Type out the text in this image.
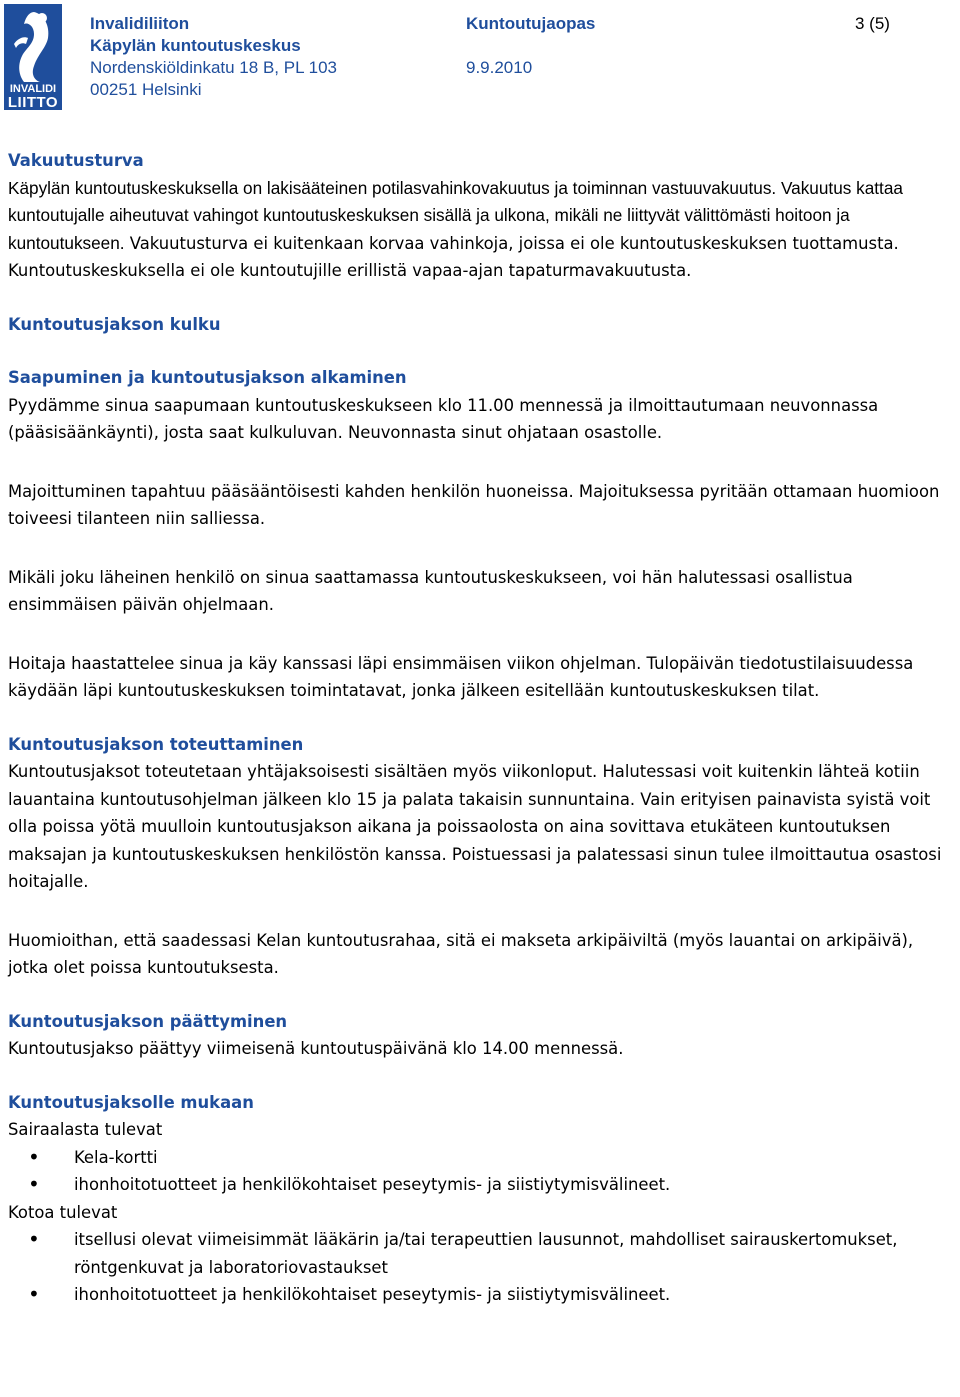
INVALIDI
LIITTO
Invalidiliiton
Käpylän kuntoutuskeskus
Nordenskiöldinkatu 18 B, PL 103
00251 Helsinki
Kuntoutujaopas
9.9.2010
3 (5)

Vakuutusturva

Käpylän kuntoutuskeskuksella on lakisääteinen potilasvahinkovakuutus ja toiminnan vastuuvakuutus. Vakuutus kattaa kuntoutujalle aiheutuvat vahingot kuntoutuskeskuksen sisällä ja ulkona, mikäli ne liittyvät välittömästi hoitoon ja kuntoutukseen. Vakuutusturva ei kuitenkaan korvaa vahinkoja, joissa ei ole kuntoutuskeskuksen tuottamusta. Kuntoutuskeskuksella ei ole kuntoutujille erillistä vapaa-ajan tapaturmavakuutusta.

Kuntoutusjakson kulku

Saapuminen ja kuntoutusjakson alkaminen

Pyydämme sinua saapumaan kuntoutuskeskukseen klo 11.00 mennessä ja ilmoittautumaan neuvonnassa (pääsisäänkäynti), josta saat kulkuluvan. Neuvonnasta sinut ohjataan osastolle.

Majoittuminen tapahtuu pääsääntöisesti kahden henkilön huoneissa. Majoituksessa pyritään ottamaan huomioon toiveesi tilanteen niin salliessa.

Mikäli joku läheinen henkilö on sinua saattamassa kuntoutuskeskukseen, voi hän halutessasi osallistua ensimmäisen päivän ohjelmaan.

Hoitaja haastattelee sinua ja käy kanssasi läpi ensimmäisen viikon ohjelman. Tulopäivän tiedotustilaisuudessa käydään läpi kuntoutuskeskuksen toimintatavat, jonka jälkeen esitellään kuntoutuskeskuksen tilat.

Kuntoutusjakson toteuttaminen

Kuntoutusjaksot toteutetaan yhtäjaksoisesti sisältäen myös viikonloput. Halutessasi voit kuitenkin lähteä kotiin lauantaina kuntoutusohjelman jälkeen klo 15 ja palata takaisin sunnuntaina. Vain erityisen painavista syistä voit olla poissa yötä muulloin kuntoutusjakson aikana ja poissaolosta on aina sovittava etukäteen kuntoutuksen maksajan ja kuntoutuskeskuksen henkilöstön kanssa. Poistuessasi ja palatessasi sinun tulee ilmoittautua osastosi hoitajalle.

Huomioithan, että saadessasi Kelan kuntoutusrahaa, sitä ei makseta arkipäiviltä (myös lauantai on arkipäivä), jotka olet poissa kuntoutuksesta.

Kuntoutusjakson päättyminen

Kuntoutusjakso päättyy viimeisenä kuntoutuspäivänä klo 14.00 mennessä.

Kuntoutusjaksolle mukaan

Sairaalasta tulevat

• Kela-kortti
• ihonhoitotuotteet ja henkilökohtaiset peseytymis- ja siistiytymisvälineet.

Kotoa tulevat

• itsellusi olevat viimeisimmät lääkärin ja/tai terapeuttien lausunnot, mahdolliset sairauskertomukset, röntgenkuvat ja laboratoriovastaukset
• ihonhoitotuotteet ja henkilökohtaiset peseytymis- ja siistiytymisvälineet.
